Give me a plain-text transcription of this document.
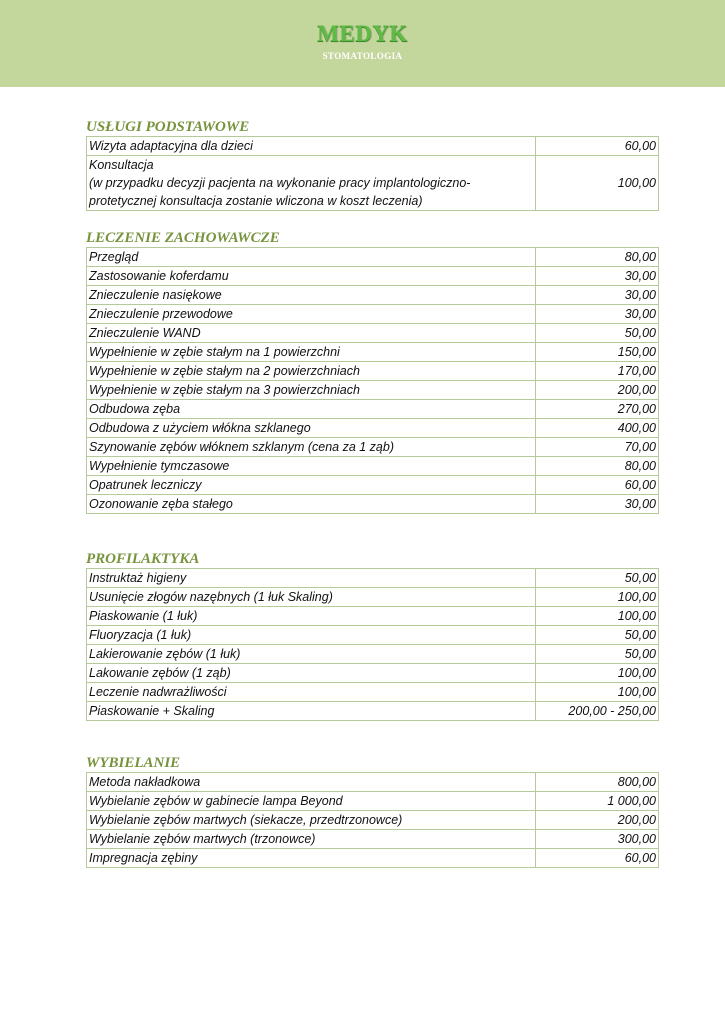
MEDYK
STOMATOLOGIA
USŁUGI PODSTAWOWE
Wizyta adaptacyjna dla dzieci	60,00

Konsultacja
(w przypadku decyzji pacjenta na wykonanie pracy implantologiczno-
protetycznej konsultacja zostanie wliczona w koszt leczenia)	100,00
LECZENIE ZACHOWAWCZE
Przegląd	80,00
Zastosowanie koferdamu	30,00
Znieczulenie nasiękowe	30,00
Znieczulenie przewodowe	30,00
Znieczulenie WAND	50,00
Wypełnienie w zębie stałym na 1 powierzchni	150,00
Wypełnienie w zębie stałym na 2 powierzchniach	170,00
Wypełnienie w zębie stałym na 3 powierzchniach	200,00
Odbudowa zęba	270,00
Odbudowa z użyciem włókna szklanego	400,00
Szynowanie zębów włóknem szklanym (cena za 1 ząb)	70,00
Wypełnienie tymczasowe	80,00
Opatrunek leczniczy	60,00
Ozonowanie zęba stałego	30,00
PROFILAKTYKA
Instruktaż higieny	50,00
Usunięcie złogów nazębnych (1 łuk Skaling)	100,00
Piaskowanie (1 łuk)	100,00
Fluoryzacja (1 łuk)	50,00
Lakierowanie zębów (1 łuk)	50,00
Lakowanie zębów (1 ząb)	100,00
Leczenie nadwrażliwości	100,00
Piaskowanie + Skaling	200,00 - 250,00
WYBIELANIE
Metoda nakładkowa	800,00
Wybielanie zębów w gabinecie lampa Beyond	1 000,00
Wybielanie zębów martwych (siekacze, przedtrzonowce)	200,00
Wybielanie zębów martwych (trzonowce)	300,00
Impregnacja zębiny	60,00
